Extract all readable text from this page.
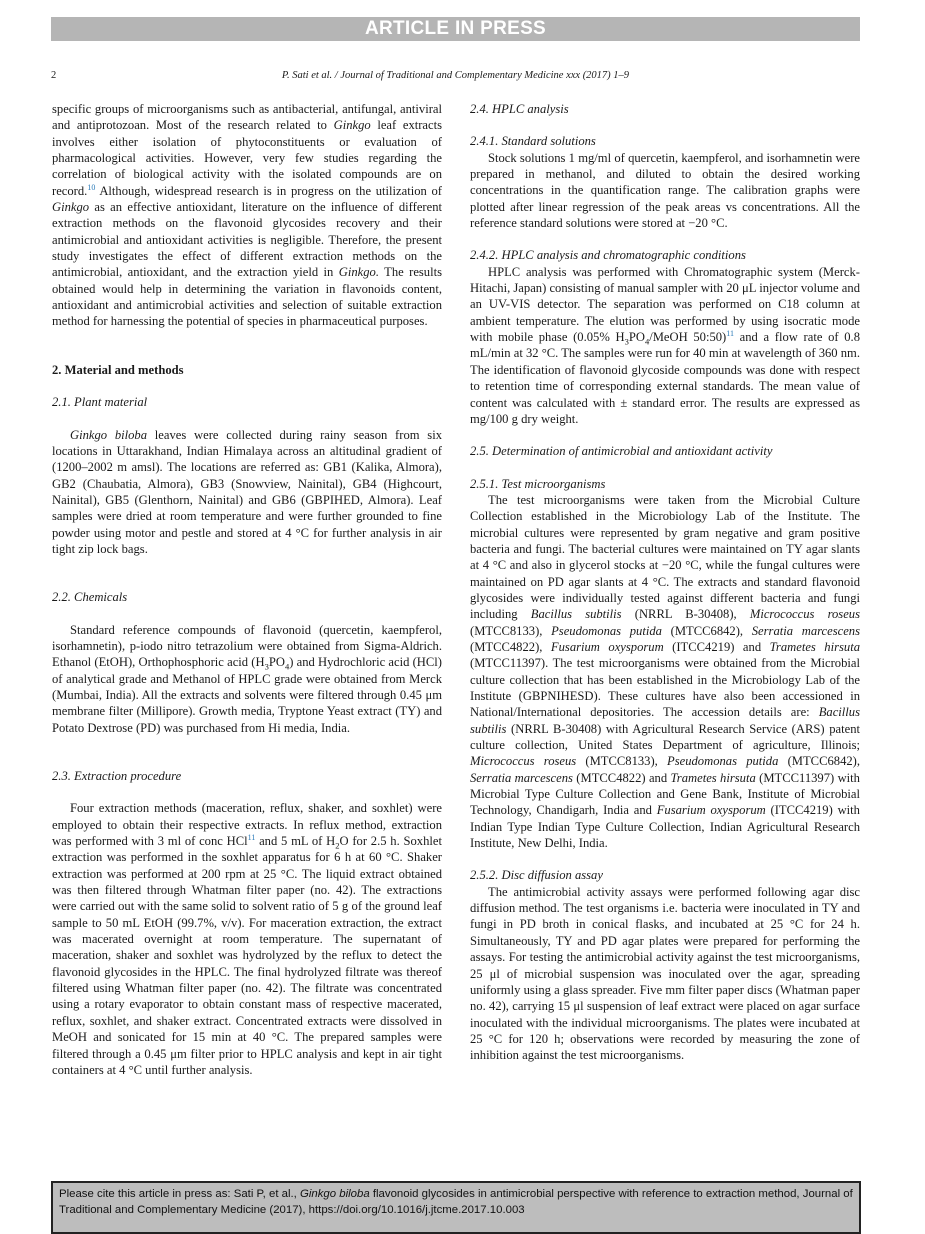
ARTICLE IN PRESS
2	P. Sati et al. / Journal of Traditional and Complementary Medicine xxx (2017) 1–9

specific groups of microorganisms such as antibacterial, antifungal, antiviral and antiprotozoan. Most of the research related to Ginkgo leaf extracts involves either isolation of phytoconstituents or evaluation of pharmacological activities. However, very few studies regarding the correlation of biological activity with the isolated compounds are on record.$^{10}$ Although, widespread research is in progress on the utilization of Ginkgo as an effective antioxidant, literature on the influence of different extraction methods on the flavonoid glycosides recovery and their antimicrobial and antioxidant activities is negligible. Therefore, the present study investigates the effect of different extraction methods on the antimicrobial, antioxidant, and the extraction yield in Ginkgo. The results obtained would help in determining the variation in flavonoids content, antioxidant and antimicrobial activities and selection of suitable extraction method for harnessing the potential of species in pharmaceutical purposes.

2. Material and methods

2.1. Plant material

Ginkgo biloba leaves were collected during rainy season from six locations in Uttarakhand, Indian Himalaya across an altitudinal gradient of (1200–2002 m amsl). The locations are referred as: GB1 (Kalika, Almora), GB2 (Chaubatia, Almora), GB3 (Snowview, Nainital), GB4 (Highcourt, Nainital), GB5 (Glenthorn, Nainital) and GB6 (GBPIHED, Almora). Leaf samples were dried at room temperature and were further grounded to fine powder using motor and pestle and stored at 4 °C for further analysis in air tight zip lock bags.

2.2. Chemicals

Standard reference compounds of flavonoid (quercetin, kaempferol, isorhamnetin), p-iodo nitro tetrazolium were obtained from Sigma-Aldrich. Ethanol (EtOH), Orthophosphoric acid $(H_3PO_4)$ and Hydrochloric acid (HCl) of analytical grade and Methanol of HPLC grade were obtained from Merck (Mumbai, India). All the extracts and solvents were filtered through 0.45 μm membrane filter (Millipore). Growth media, Tryptone Yeast extract (TY) and Potato Dextrose (PD) was purchased from Hi media, India.

2.3. Extraction procedure

Four extraction methods (maceration, reflux, shaker, and soxhlet) were employed to obtain their respective extracts. In reflux method, extraction was performed with 3 ml of conc HCl$^{11}$ and 5 mL of $H_2O$ for 2.5 h. Soxhlet extraction was performed in the soxhlet apparatus for 6 h at 60 °C. Shaker extraction was performed at 200 rpm at 25 °C. The liquid extract obtained was then filtered through Whatman filter paper (no. 42). The extractions were carried out with the same solid to solvent ratio of 5 g of the ground leaf sample to 50 mL EtOH (99.7%, v/v). For maceration extraction, the extract was macerated overnight at room temperature. The supernatant of maceration, shaker and soxhlet was hydrolyzed by the reflux to detect the flavonoid glycosides in the HPLC. The final hydrolyzed filtrate was thereof filtered using Whatman filter paper (no. 42). The filtrate was concentrated using a rotary evaporator to obtain constant mass of respective macerated, reflux, soxhlet, and shaker extract. Concentrated extracts were dissolved in MeOH and sonicated for 15 min at 40 °C. The prepared samples were filtered through a 0.45 μm filter prior to HPLC analysis and kept in air tight containers at 4 °C until further analysis.

2.4. HPLC analysis

2.4.1. Standard solutions

Stock solutions 1 mg/ml of quercetin, kaempferol, and isorhamnetin were prepared in methanol, and diluted to obtain the desired working concentrations in the quantification range. The calibration graphs were plotted after linear regression of the peak areas vs concentrations. All the reference standard solutions were stored at −20 °C.

2.4.2. HPLC analysis and chromatographic conditions

HPLC analysis was performed with Chromatographic system (Merck-Hitachi, Japan) consisting of manual sampler with 20 μL injector volume and an UV-VIS detector. The separation was performed on C18 column at ambient temperature. The elution was performed by using isocratic mode with mobile phase (0.05% $H_3PO_4$/MeOH 50:50)$^{11}$ and a flow rate of 0.8 mL/min at 32 °C. The samples were run for 40 min at wavelength of 360 nm. The identification of flavonoid glycoside compounds was done with respect to retention time of corresponding external standards. The mean value of content was calculated with ± standard error. The results are expressed as mg/100 g dry weight.

2.5. Determination of antimicrobial and antioxidant activity

2.5.1. Test microorganisms

The test microorganisms were taken from the Microbial Culture Collection established in the Microbiology Lab of the Institute. The microbial cultures were represented by gram negative and gram positive bacteria and fungi. The bacterial cultures were maintained on TY agar slants at 4 °C and also in glycerol stocks at −20 °C, while the fungal cultures were maintained on PD agar slants at 4 °C. The extracts and standard flavonoid glycosides were individually tested against different bacteria and fungi including Bacillus subtilis (NRRL B-30408), Micrococcus roseus (MTCC8133), Pseudomonas putida (MTCC6842), Serratia marcescens (MTCC4822), Fusarium oxysporum (ITCC4219) and Trametes hirsuta (MTCC11397). The test microorganisms were obtained from the Microbial culture collection that has been established in the Microbiology Lab of the Institute (GBPNIHESD). These cultures have also been accessioned in National/International depositories. The accession details are: Bacillus subtilis (NRRL B-30408) with Agricultural Research Service (ARS) patent culture collection, United States Department of agriculture, Illinois; Micrococcus roseus (MTCC8133), Pseudomonas putida (MTCC6842), Serratia marcescens (MTCC4822) and Trametes hirsuta (MTCC11397) with Microbial Type Culture Collection and Gene Bank, Institute of Microbial Technology, Chandigarh, India and Fusarium oxysporum (ITCC4219) with Indian Type Indian Type Culture Collection, Indian Agricultural Research Institute, New Delhi, India.

2.5.2. Disc diffusion assay

The antimicrobial activity assays were performed following agar disc diffusion method. The test organisms i.e. bacteria were inoculated in TY and fungi in PD broth in conical flasks, and incubated at 25 °C for 24 h. Simultaneously, TY and PD agar plates were prepared for performing the assays. For testing the antimicrobial activity against the test microorganisms, 25 μl of microbial suspension was inoculated over the agar, spreading uniformly using a glass spreader. Five mm filter paper discs (Whatman paper no. 42), carrying 15 μl suspension of leaf extract were placed on agar surface inoculated with the individual microorganisms. The plates were incubated at 25 °C for 120 h; observations were recorded by measuring the zone of inhibition against the test microorganisms.

Please cite this article in press as: Sati P, et al., Ginkgo biloba flavonoid glycosides in antimicrobial perspective with reference to extraction method, Journal of Traditional and Complementary Medicine (2017), https://doi.org/10.1016/j.jtcme.2017.10.003
